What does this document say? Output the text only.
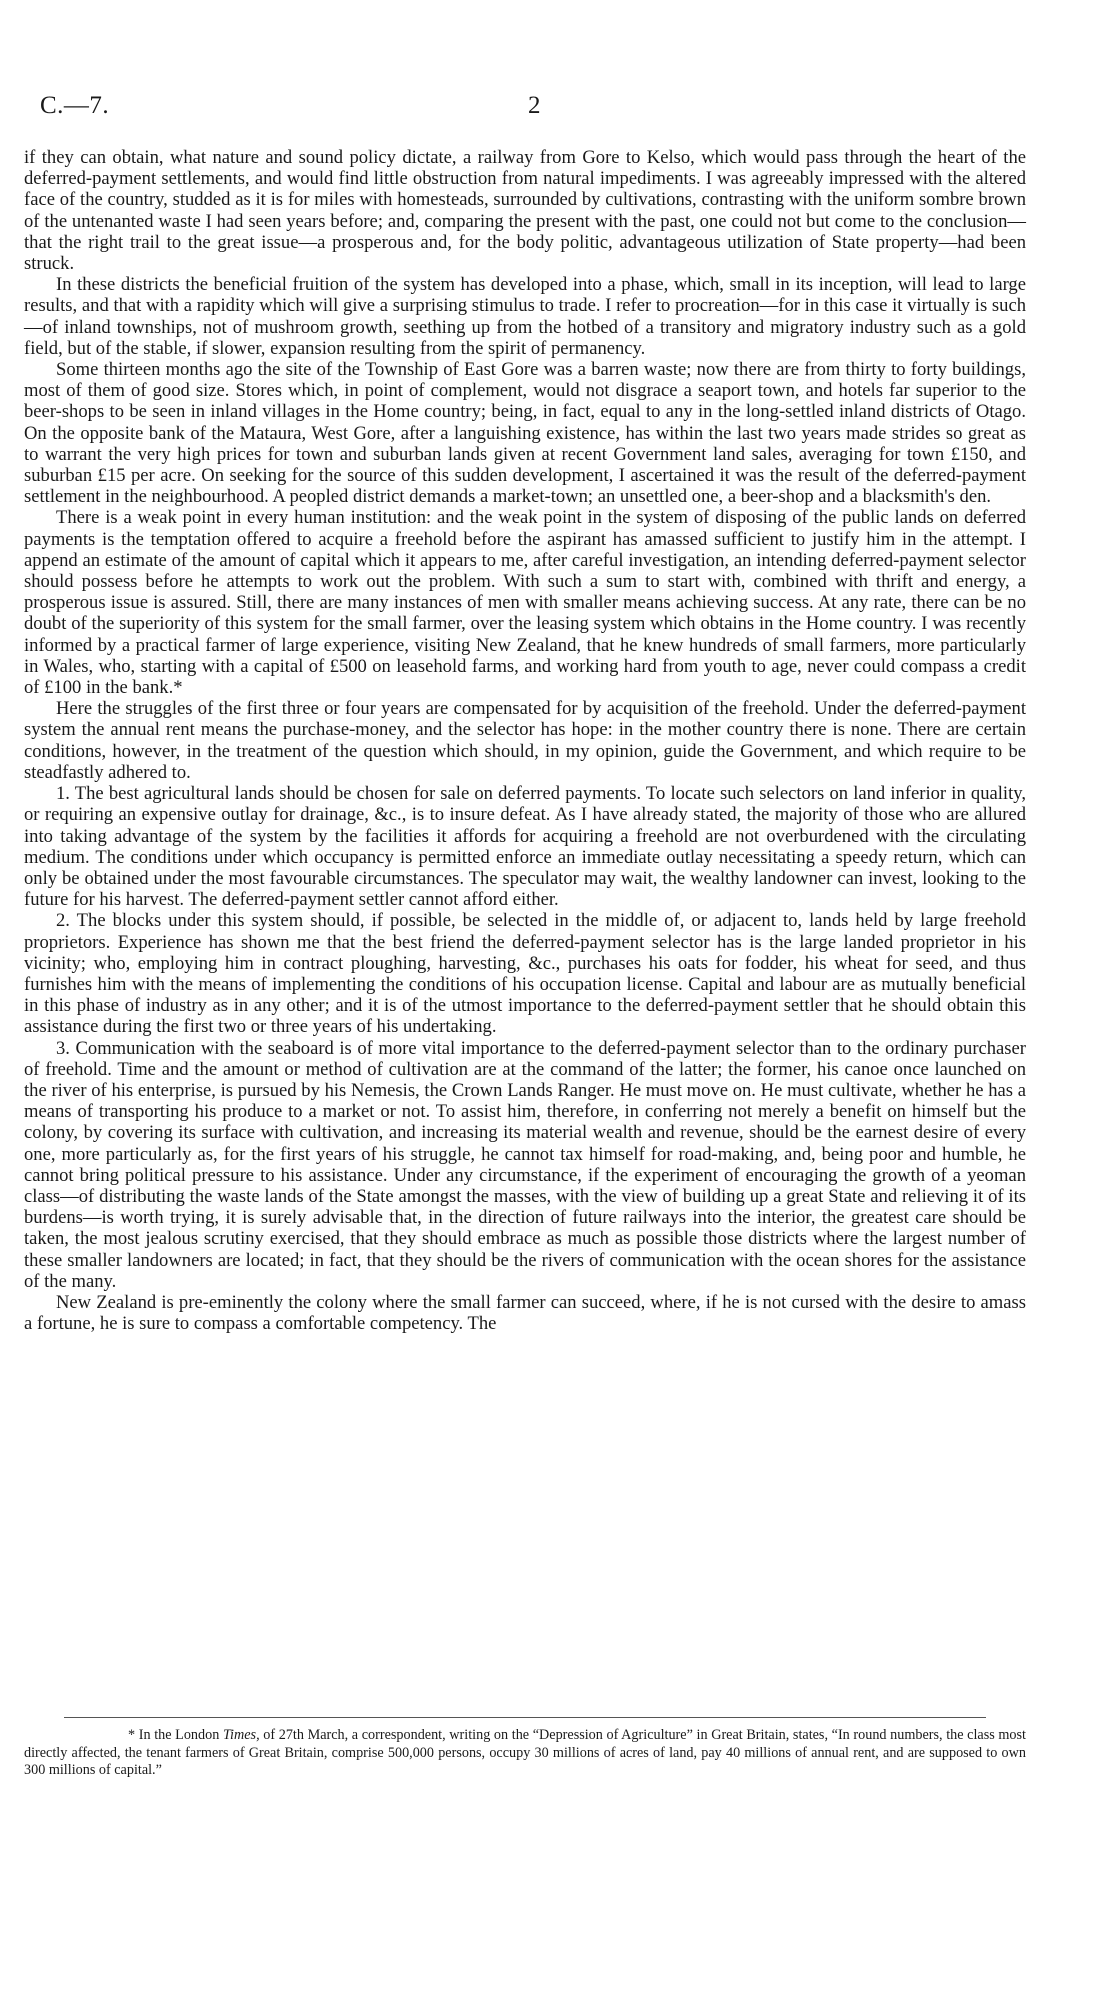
C.—7.	2

if they can obtain, what nature and sound policy dictate, a railway from Gore to Kelso, which would pass through the heart of the deferred-payment settlements, and would find little obstruction from natural impediments. I was agreeably impressed with the altered face of the country, studded as it is for miles with homesteads, surrounded by cultivations, contrasting with the uniform sombre brown of the untenanted waste I had seen years before; and, comparing the present with the past, one could not but come to the conclusion—that the right trail to the great issue—a prosperous and, for the body politic, advantageous utilization of State property—had been struck.

In these districts the beneficial fruition of the system has developed into a phase, which, small in its inception, will lead to large results, and that with a rapidity which will give a surprising stimulus to trade. I refer to procreation—for in this case it virtually is such—of inland townships, not of mushroom growth, seething up from the hotbed of a transitory and migratory industry such as a gold field, but of the stable, if slower, expansion resulting from the spirit of permanency.

Some thirteen months ago the site of the Township of East Gore was a barren waste; now there are from thirty to forty buildings, most of them of good size. Stores which, in point of complement, would not disgrace a seaport town, and hotels far superior to the beer-shops to be seen in inland villages in the Home country; being, in fact, equal to any in the long-settled inland districts of Otago. On the opposite bank of the Mataura, West Gore, after a languishing existence, has within the last two years made strides so great as to warrant the very high prices for town and suburban lands given at recent Government land sales, averaging for town £150, and suburban £15 per acre. On seeking for the source of this sudden development, I ascertained it was the result of the deferred-payment settlement in the neighbourhood. A peopled district demands a market-town; an unsettled one, a beer-shop and a blacksmith's den.

There is a weak point in every human institution: and the weak point in the system of disposing of the public lands on deferred payments is the temptation offered to acquire a freehold before the aspirant has amassed sufficient to justify him in the attempt. I append an estimate of the amount of capital which it appears to me, after careful investigation, an intending deferred-payment selector should possess before he attempts to work out the problem. With such a sum to start with, combined with thrift and energy, a prosperous issue is assured. Still, there are many instances of men with smaller means achieving success. At any rate, there can be no doubt of the superiority of this system for the small farmer, over the leasing system which obtains in the Home country. I was recently informed by a practical farmer of large experience, visiting New Zealand, that he knew hundreds of small farmers, more particularly in Wales, who, starting with a capital of £500 on leasehold farms, and working hard from youth to age, never could compass a credit of £100 in the bank.*

Here the struggles of the first three or four years are compensated for by acquisition of the freehold. Under the deferred-payment system the annual rent means the purchase-money, and the selector has hope: in the mother country there is none. There are certain conditions, however, in the treatment of the question which should, in my opinion, guide the Government, and which require to be steadfastly adhered to.

1. The best agricultural lands should be chosen for sale on deferred payments. To locate such selectors on land inferior in quality, or requiring an expensive outlay for drainage, &c., is to insure defeat. As I have already stated, the majority of those who are allured into taking advantage of the system by the facilities it affords for acquiring a freehold are not overburdened with the circulating medium. The conditions under which occupancy is permitted enforce an immediate outlay necessitating a speedy return, which can only be obtained under the most favourable circumstances. The speculator may wait, the wealthy landowner can invest, looking to the future for his harvest. The deferred-payment settler cannot afford either.

2. The blocks under this system should, if possible, be selected in the middle of, or adjacent to, lands held by large freehold proprietors. Experience has shown me that the best friend the deferred-payment selector has is the large landed proprietor in his vicinity; who, employing him in contract ploughing, harvesting, &c., purchases his oats for fodder, his wheat for seed, and thus furnishes him with the means of implementing the conditions of his occupation license. Capital and labour are as mutually beneficial in this phase of industry as in any other; and it is of the utmost importance to the deferred-payment settler that he should obtain this assistance during the first two or three years of his undertaking.

3. Communication with the seaboard is of more vital importance to the deferred-payment selector than to the ordinary purchaser of freehold. Time and the amount or method of cultivation are at the command of the latter; the former, his canoe once launched on the river of his enterprise, is pursued by his Nemesis, the Crown Lands Ranger. He must move on. He must cultivate, whether he has a means of transporting his produce to a market or not. To assist him, therefore, in conferring not merely a benefit on himself but the colony, by covering its surface with cultivation, and increasing its material wealth and revenue, should be the earnest desire of every one, more particularly as, for the first years of his struggle, he cannot tax himself for road-making, and, being poor and humble, he cannot bring political pressure to his assistance. Under any circumstance, if the experiment of encouraging the growth of a yeoman class—of distributing the waste lands of the State amongst the masses, with the view of building up a great State and relieving it of its burdens—is worth trying, it is surely advisable that, in the direction of future railways into the interior, the greatest care should be taken, the most jealous scrutiny exercised, that they should embrace as much as possible those districts where the largest number of these smaller landowners are located; in fact, that they should be the rivers of communication with the ocean shores for the assistance of the many.

New Zealand is pre-eminently the colony where the small farmer can succeed, where, if he is not cursed with the desire to amass a fortune, he is sure to compass a comfortable competency. The

* In the London Times, of 27th March, a correspondent, writing on the “Depression of Agriculture” in Great Britain, states, “In round numbers, the class most directly affected, the tenant farmers of Great Britain, comprise 500,000 persons, occupy 30 millions of acres of land, pay 40 millions of annual rent, and are supposed to own 300 millions of capital.”
